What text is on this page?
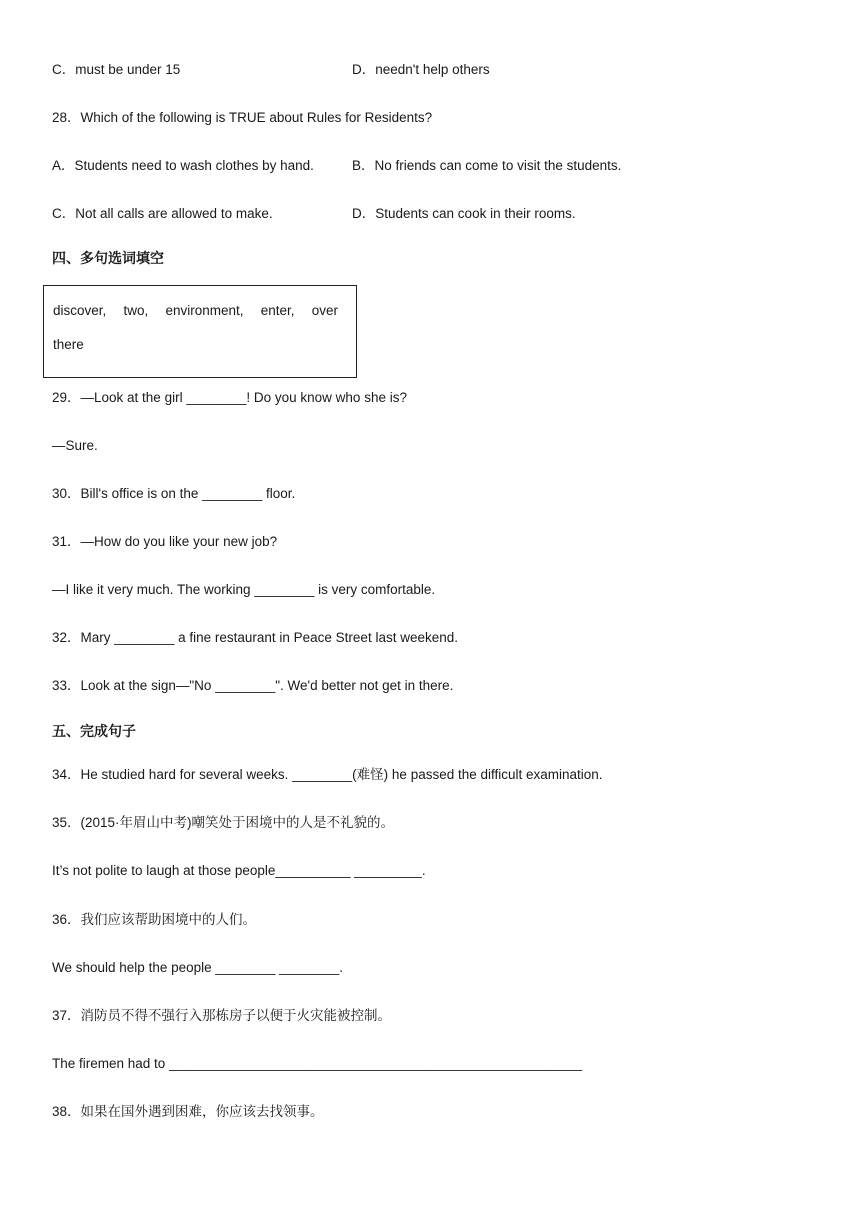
C．must be under 15	D．needn't help others
28．Which of the following is TRUE about Rules for Residents?
A．Students need to wash clothes by hand.	B．No friends can come to visit the students.
C．Not all calls are allowed to make.	D．Students can cook in their rooms.
四、多句选词填空
discover, two, environment, enter, over
there
29．—Look at the girl ________! Do you know who she is?
—Sure.
30．Bill's office is on the ________ floor.
31．—How do you like your new job?
—I like it very much. The working ________ is very comfortable.
32．Mary ________ a fine restaurant in Peace Street last weekend.
33．Look at the sign—"No ________". We'd better not get in there.
五、完成句子
34．He studied hard for several weeks. ________(难怪) he passed the difficult examination.
35．(2015·年眉山中考)嘲笑处于困境中的人是不礼貌的。
It’s not polite to laugh at those people__________ _________.
36．我们应该帮助困境中的人们。
We should help the people ________ ________.
37．消防员不得不强行入那栋房子以便于火灾能被控制。
The firemen had to _______________________________________________________
38．如果在国外遇到困难，你应该去找领事。
